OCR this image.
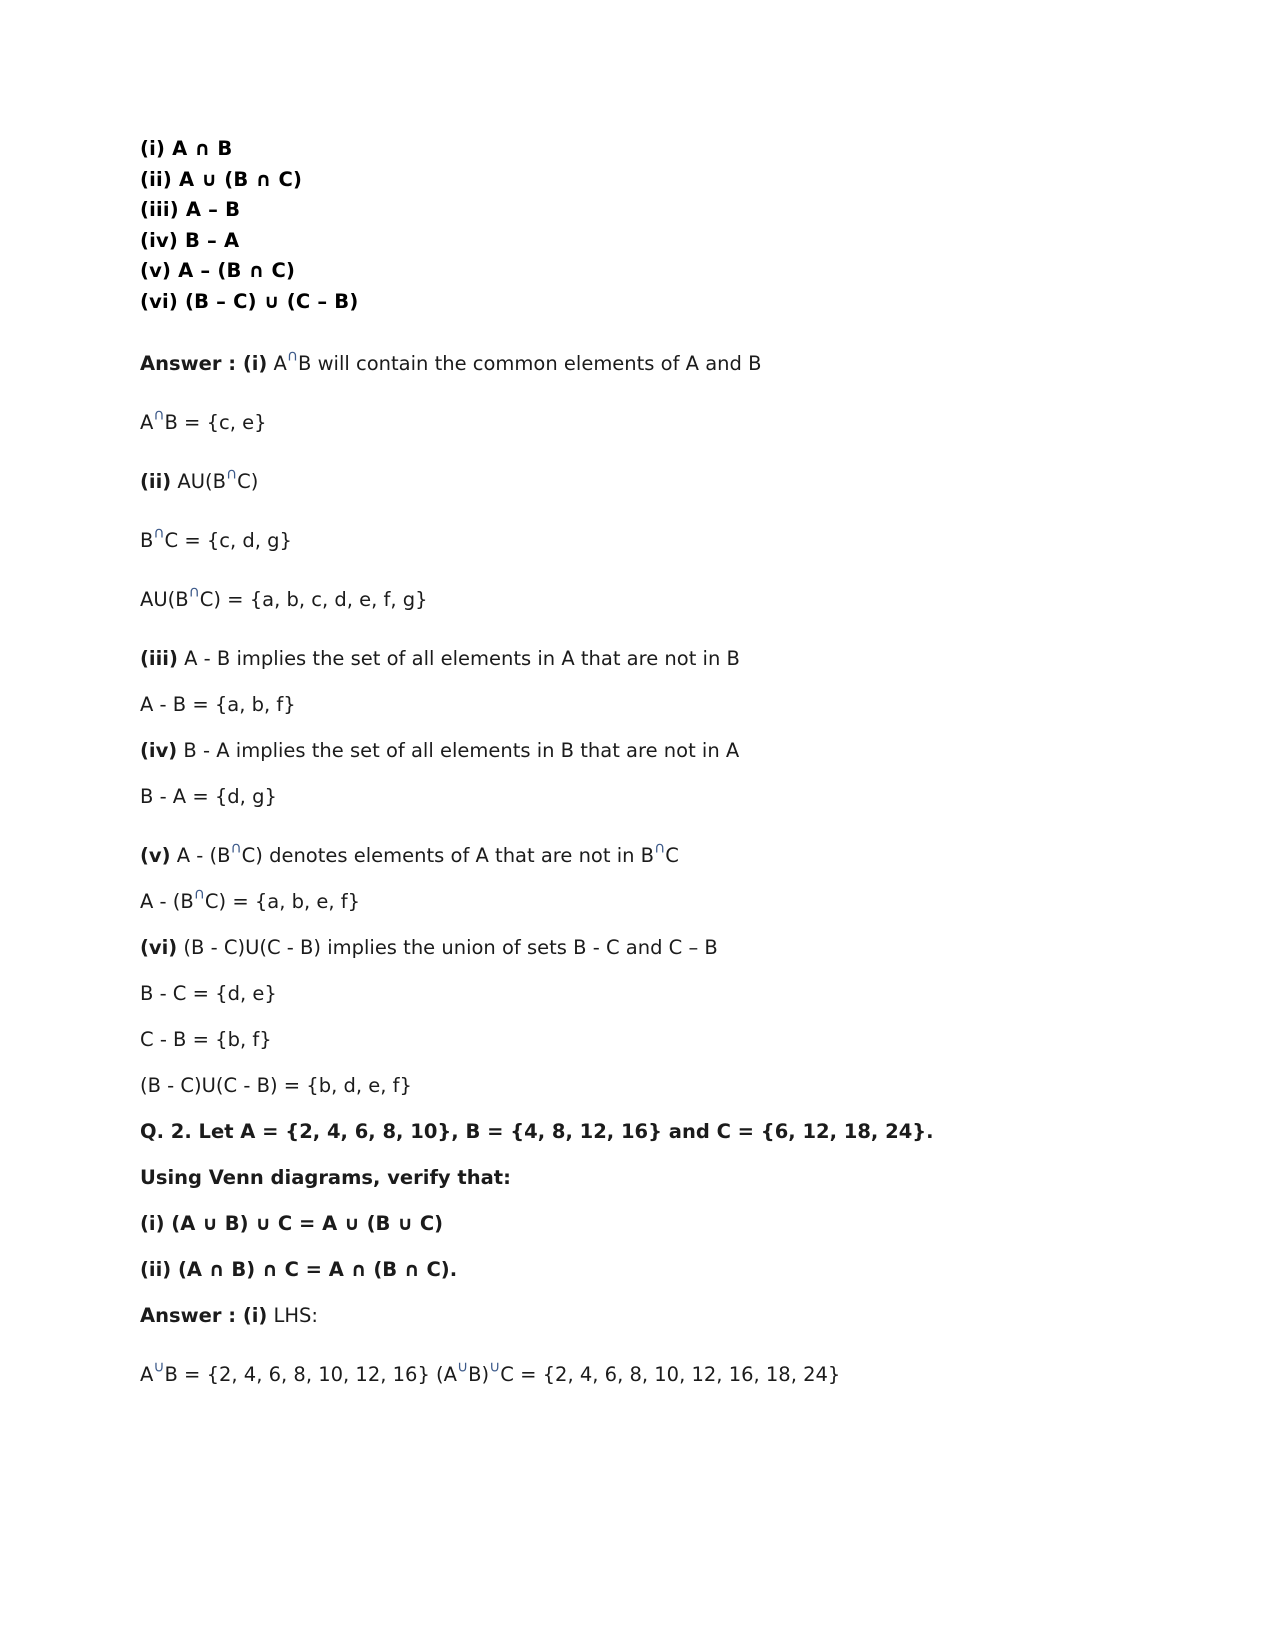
(i) A ∩ B
(ii) A ∪ (B ∩ C)
(iii) A – B
(iv) B – A
(v) A – (B ∩ C)
(vi) (B – C) ∪ (C – B)
Answer : (i) A∩B will contain the common elements of A and B
A∩B = {c, e}
(ii) AU(B∩C)
B∩C = {c, d, g}
AU(B∩C) = {a, b, c, d, e, f, g}
(iii) A - B implies the set of all elements in A that are not in B
A - B = {a, b, f}
(iv) B - A implies the set of all elements in B that are not in A
B - A = {d, g}
(v) A - (B∩C) denotes elements of A that are not in B∩C
A - (B∩C) = {a, b, e, f}
(vi) (B - C)U(C - B) implies the union of sets B - C and C – B
B - C = {d, e}
C - B = {b, f}
(B - C)U(C - B) = {b, d, e, f}
Q. 2. Let A = {2, 4, 6, 8, 10}, B = {4, 8, 12, 16} and C = {6, 12, 18, 24}.
Using Venn diagrams, verify that:
(i) (A ∪ B) ∪ C = A ∪ (B ∪ C)
(ii) (A ∩ B) ∩ C = A ∩ (B ∩ C).
Answer : (i) LHS:
A∪B = {2, 4, 6, 8, 10, 12, 16} (A∪B)∪C = {2, 4, 6, 8, 10, 12, 16, 18, 24}
